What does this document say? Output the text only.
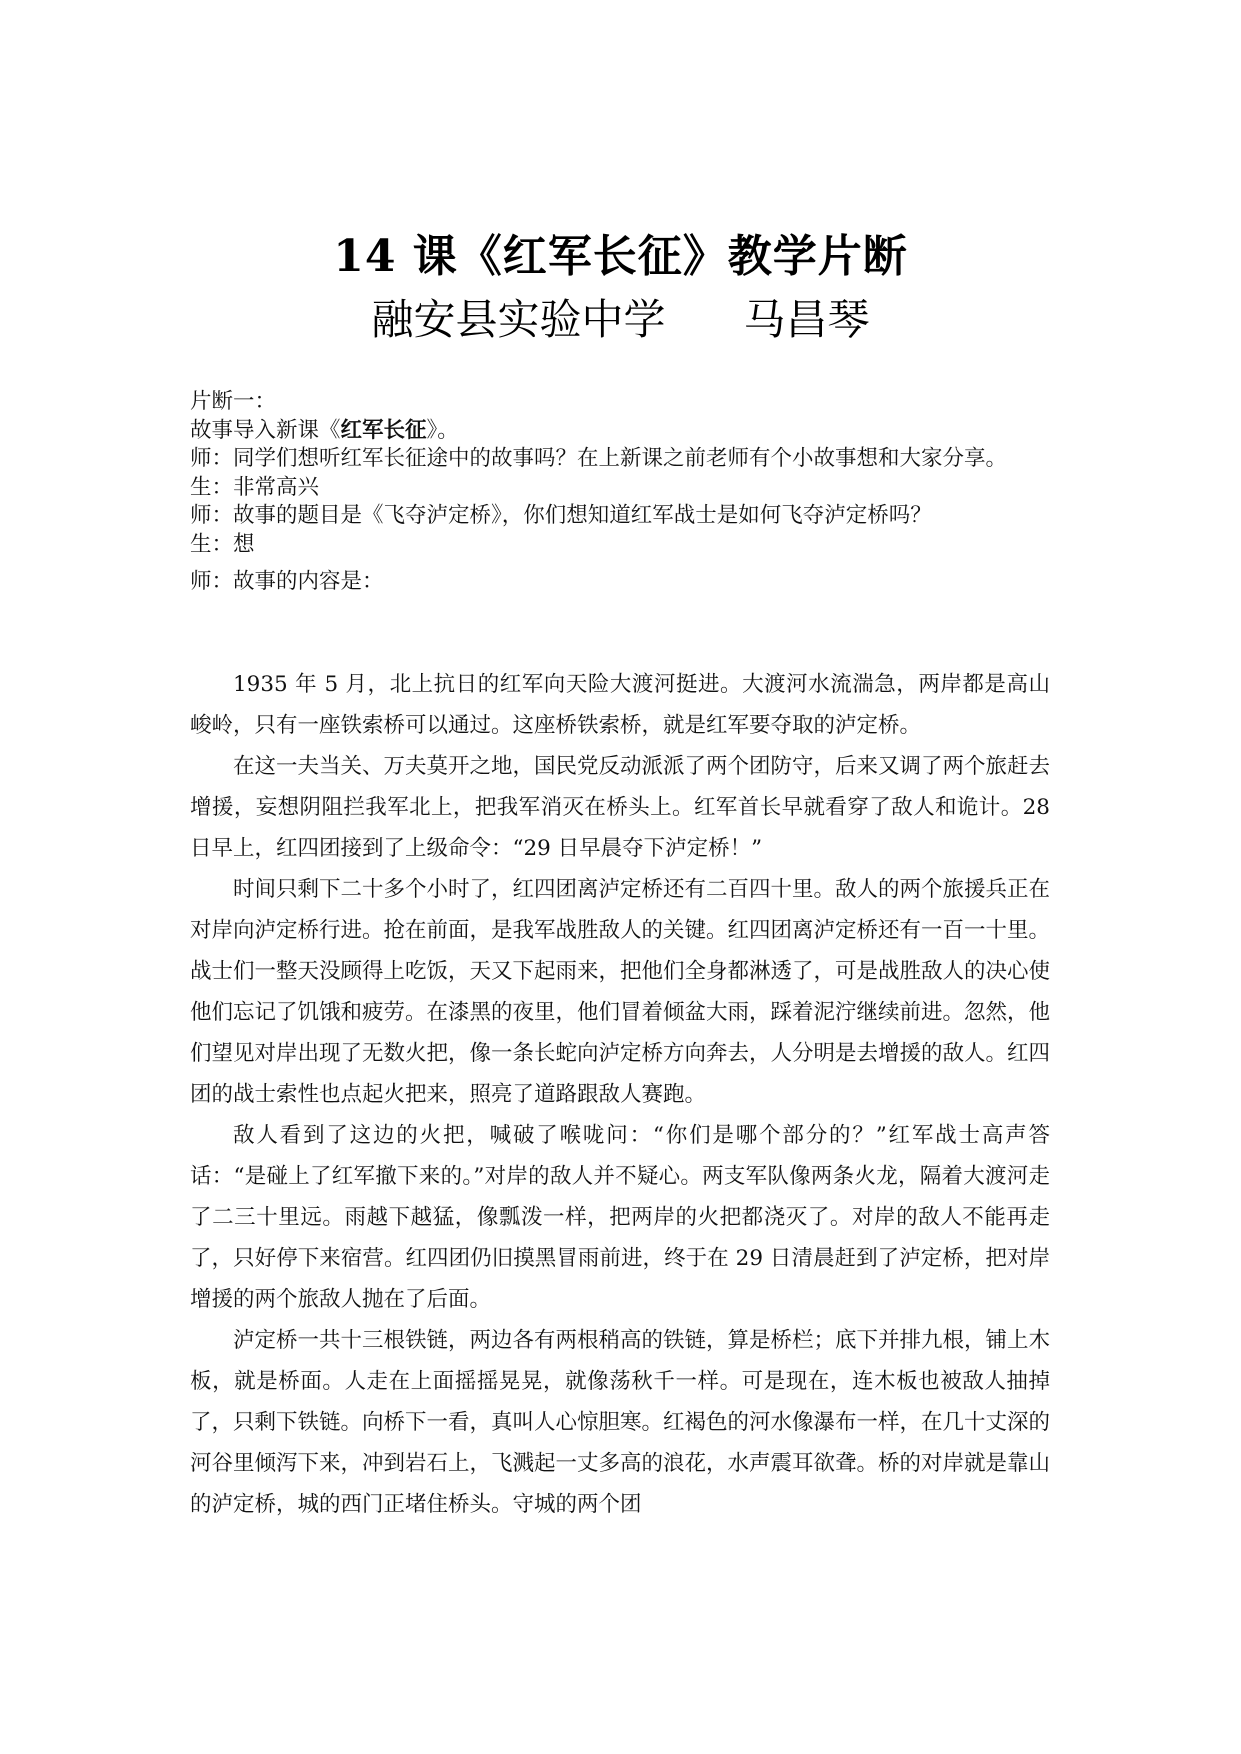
14 课《红军长征》教学片断
融安县实验中学 马昌琴

片断一：

故事导入新课《红军长征》。

师：同学们想听红军长征途中的故事吗？在上新课之前老师有个小故事想和大家分享。

生：非常高兴

师：故事的题目是《飞夺泸定桥》，你们想知道红军战士是如何飞夺泸定桥吗？

生：想

师：故事的内容是：

1935 年 5 月，北上抗日的红军向天险大渡河挺进。大渡河水流湍急，两岸都是高山峻岭，只有一座铁索桥可以通过。这座桥铁索桥，就是红军要夺取的泸定桥。

在这一夫当关、万夫莫开之地，国民党反动派派了两个团防守，后来又调了两个旅赶去增援，妄想阴阻拦我军北上，把我军消灭在桥头上。红军首长早就看穿了敌人和诡计。28 日早上，红四团接到了上级命令：“29 日早晨夺下泸定桥！”

时间只剩下二十多个小时了，红四团离泸定桥还有二百四十里。敌人的两个旅援兵正在对岸向泸定桥行进。抢在前面，是我军战胜敌人的关键。红四团离泸定桥还有一百一十里。战士们一整天没顾得上吃饭，天又下起雨来，把他们全身都淋透了，可是战胜敌人的决心使他们忘记了饥饿和疲劳。在漆黑的夜里，他们冒着倾盆大雨，踩着泥泞继续前进。忽然，他们望见对岸出现了无数火把，像一条长蛇向泸定桥方向奔去，人分明是去增援的敌人。红四团的战士索性也点起火把来，照亮了道路跟敌人赛跑。

敌人看到了这边的火把，喊破了喉咙问：“你们是哪个部分的？”红军战士高声答话：“是碰上了红军撤下来的。”对岸的敌人并不疑心。两支军队像两条火龙，隔着大渡河走了二三十里远。雨越下越猛，像瓢泼一样，把两岸的火把都浇灭了。对岸的敌人不能再走了，只好停下来宿营。红四团仍旧摸黑冒雨前进，终于在 29 日清晨赶到了泸定桥，把对岸增援的两个旅敌人抛在了后面。

泸定桥一共十三根铁链，两边各有两根稍高的铁链，算是桥栏；底下并排九根，铺上木板，就是桥面。人走在上面摇摇晃晃，就像荡秋千一样。可是现在，连木板也被敌人抽掉了，只剩下铁链。向桥下一看，真叫人心惊胆寒。红褐色的河水像瀑布一样，在几十丈深的河谷里倾泻下来，冲到岩石上，飞溅起一丈多高的浪花，水声震耳欲聋。桥的对岸就是靠山的泸定桥，城的西门正堵住桥头。守城的两个团
